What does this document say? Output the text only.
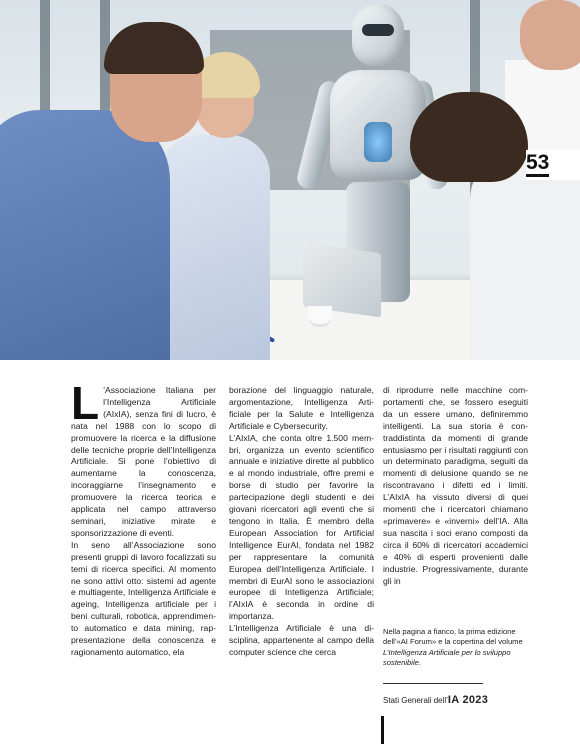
53

L ’Associazione Italiana per l’Intelligenza Artificiale (AIxIA), senza fini di lucro, è nata nel 1988 con lo scopo di promuovere la ricerca e la diffusione delle tecniche proprie dell’Intelligenza Artificiale. Si pone l’obiettivo di aumentarne la conoscenza, incoraggiarne l’insegnamento e promuovere la ricerca teorica e applicata nel campo attraverso seminari, iniziative mirate e sponsorizzazione di eventi.

In seno all’Associazione sono presenti gruppi di lavoro focalizzati su temi di ricerca specifici. Al momento ne sono attivi otto: sistemi ad agente e multiagente, Intelligenza Artificiale e ageing, Intelligenza artificiale per i beni culturali, robotica, apprendimento automatico e data mining, rappresentazione della conoscenza e ragionamento automatico, ela

borazione del linguaggio naturale, argomentazione, Intelligenza Artificiale per la Salute e Intelligenza Artificiale e Cybersecurity.

L’AIxIA, che conta oltre 1.500 membri, organizza un evento scientifico annuale e iniziative dirette al pubblico e al mondo industriale, offre premi e borse di studio per favorire la partecipazione degli studenti e dei giovani ricercatori agli eventi che si tengono in Italia. È membro della European Association for Artificial Intelligence EurAI, fondata nel 1982 per rappresentare la comunità Europea dell’Intelligenza Artificiale. I membri di EurAI sono le associazioni europee di Intelligenza Artificiale; l’AIxIA è seconda in ordine di importanza.

L’Intelligenza Artificiale è una disciplina, appartenente al campo della computer science che cerca

di riprodurre nelle macchine comportamenti che, se fossero eseguiti da un essere umano, definiremmo intelligenti. La sua storia è contraddistinta da momenti di grande entusiasmo per i risultati raggiunti con un determinato paradigma, seguiti da momenti di delusione quando se ne riscontravano i difetti ed i limiti. L’AIxIA ha vissuto diversi di quei momenti che i ricercatori chiamano «primavere» e «inverni» dell’IA. Alla sua nascita i soci erano composti da circa il 60% di ricercatori accademici e 40% di esperti provenienti dalle industrie. Progressivamente, durante gli in

Nella pagina a fianco, la prima edizione dell’«AI Forum» e la copertina del volume L’Intelligenza Artificiale per lo sviluppo sostenibile.
Stati Generali dell’IA 2023
